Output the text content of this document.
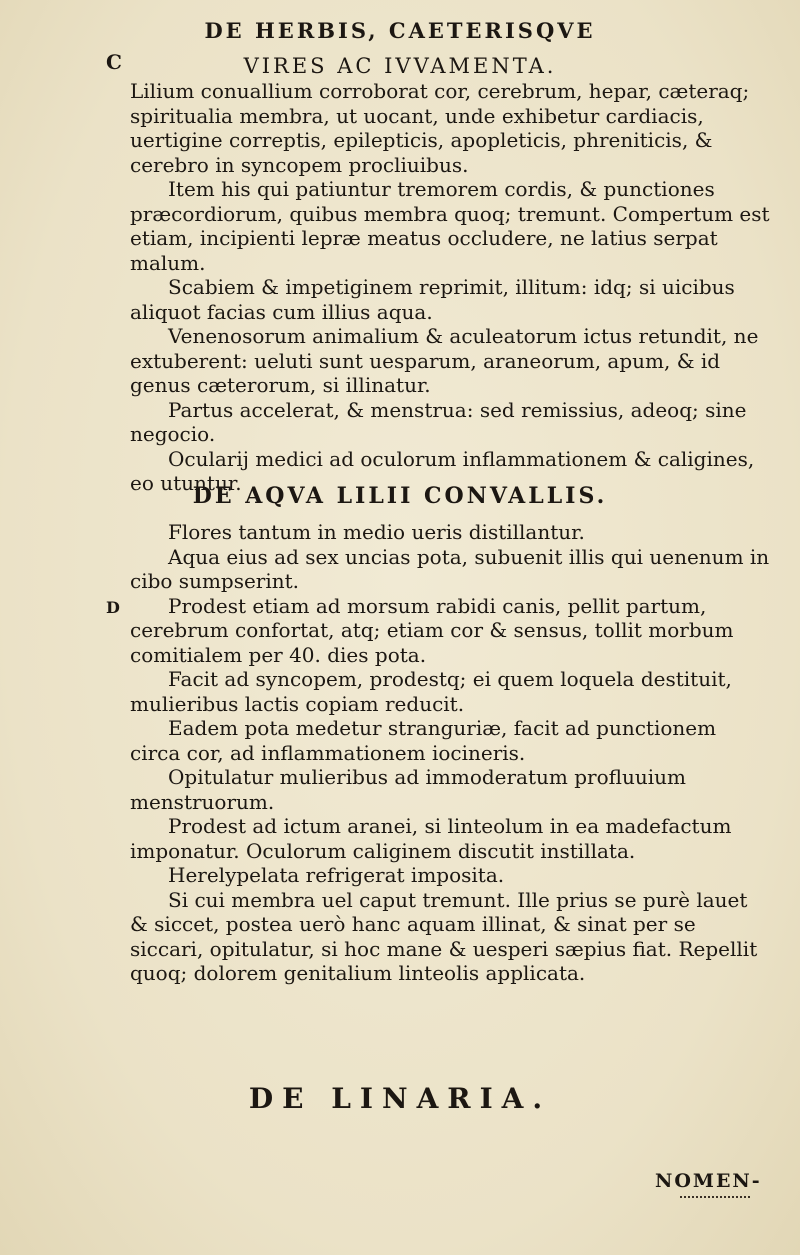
DE HERBIS, CAETERISQVE
VIRES AC IVVAMENTA.
C

Lilium conuallium corroborat cor, cerebrum, hepar, cæteraq; spiritualia membra, ut uocant, unde exhibetur cardiacis, uertigine correptis, epilepticis, apopleticis, phreniticis, & cerebro in syncopem procliuibus.

Item his qui patiuntur tremorem cordis, & punctiones præcordiorum, quibus membra quoq; tremunt. Compertum est etiam, incipienti lepræ meatus occludere, ne latius serpat malum.

Scabiem & impetiginem reprimit, illitum: idq; si uicibus aliquot facias cum illius aqua.

Venenosorum animalium & aculeatorum ictus retundit, ne extuberent: ueluti sunt uesparum, araneorum, apum, & id genus cæterorum, si illinatur.

Partus accelerat, & menstrua: sed remissius, adeoq; sine negocio.

Ocularij medici ad oculorum inflammationem & caligines, eo utuntur.

DE AQVA LILII CONVALLIS.
D

Flores tantum in medio ueris distillantur.

Aqua eius ad sex uncias pota, subuenit illis qui uenenum in cibo sumpserint.

Prodest etiam ad morsum rabidi canis, pellit partum, cerebrum confortat, atq; etiam cor & sensus, tollit morbum comitialem per 40. dies pota.

Facit ad syncopem, prodestq; ei quem loquela destituit, mulieribus lactis copiam reducit.

Eadem pota medetur stranguriæ, facit ad punctionem circa cor, ad inflammationem iocineris.

Opitulatur mulieribus ad immoderatum profluuium menstruorum.

Prodest ad ictum aranei, si linteolum in ea madefactum imponatur. Oculorum caliginem discutit instillata.

Herelypelata refrigerat imposita.

Si cui membra uel caput tremunt. Ille prius se purè lauet & siccet, postea uerò hanc aquam illinat, & sinat per se siccari, opitulatur, si hoc mane & uesperi sæpius fiat. Repellit quoq; dolorem genitalium linteolis applicata.

DE LINARIA.
NOMEN-
